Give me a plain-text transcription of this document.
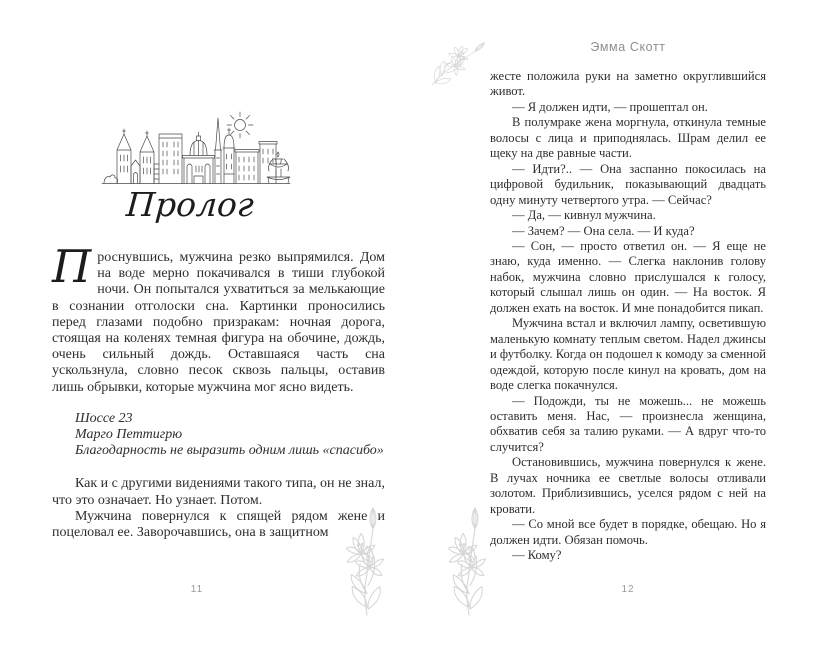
Пролог

Проснувшись, мужчина резко выпрямился. Дом на воде мерно покачивался в тиши глубокой ночи. Он попытался ухватиться за мелькающие в сознании отголоски сна. Картинки проносились перед глазами подобно призракам: ночная дорога, стоящая на коленях темная фигура на обочине, дождь, очень сильный дождь. Оставшаяся часть сна ускользнула, словно песок сквозь пальцы, оставив лишь обрывки, которые мужчина мог ясно видеть.

Шоссе 23

Марго Петтигрю

Благодарность не выразить одним лишь «спасибо»

Как и с другими видениями такого типа, он не знал, что это означает. Но узнает. Потом.

Мужчина повернулся к спящей рядом жене и поцеловал ее. Заворочавшись, она в защитном

11
Эмма Скотт

жесте положила руки на заметно округлившийся живот.

— Я должен идти, — прошептал он.

В полумраке жена моргнула, откинула темные волосы с лица и приподнялась. Шрам делил ее щеку на две равные части.

— Идти?.. — Она заспанно покосилась на цифровой будильник, показывающий двадцать одну минуту четвертого утра. — Сейчас?

— Да, — кивнул мужчина.

— Зачем? — Она села. — И куда?

— Сон, — просто ответил он. — Я еще не знаю, куда именно. — Слегка наклонив голову набок, мужчина словно прислушался к голосу, который слышал лишь он один. — На восток. Я должен ехать на восток. И мне понадобится пикап.

Мужчина встал и включил лампу, осветившую маленькую комнату теплым светом. Надел джинсы и футболку. Когда он подошел к комоду за сменной одеждой, которую после кинул на кровать, дом на воде слегка покачнулся.

— Подожди, ты не можешь... не можешь оставить меня. Нас, — произнесла женщина, обхватив себя за талию руками. — А вдруг что-то случится?

Остановившись, мужчина повернулся к жене. В лучах ночника ее светлые волосы отливали золотом. Приблизившись, уселся рядом с ней на кровати.

— Со мной все будет в порядке, обещаю. Но я должен идти. Обязан помочь.

— Кому?

12
